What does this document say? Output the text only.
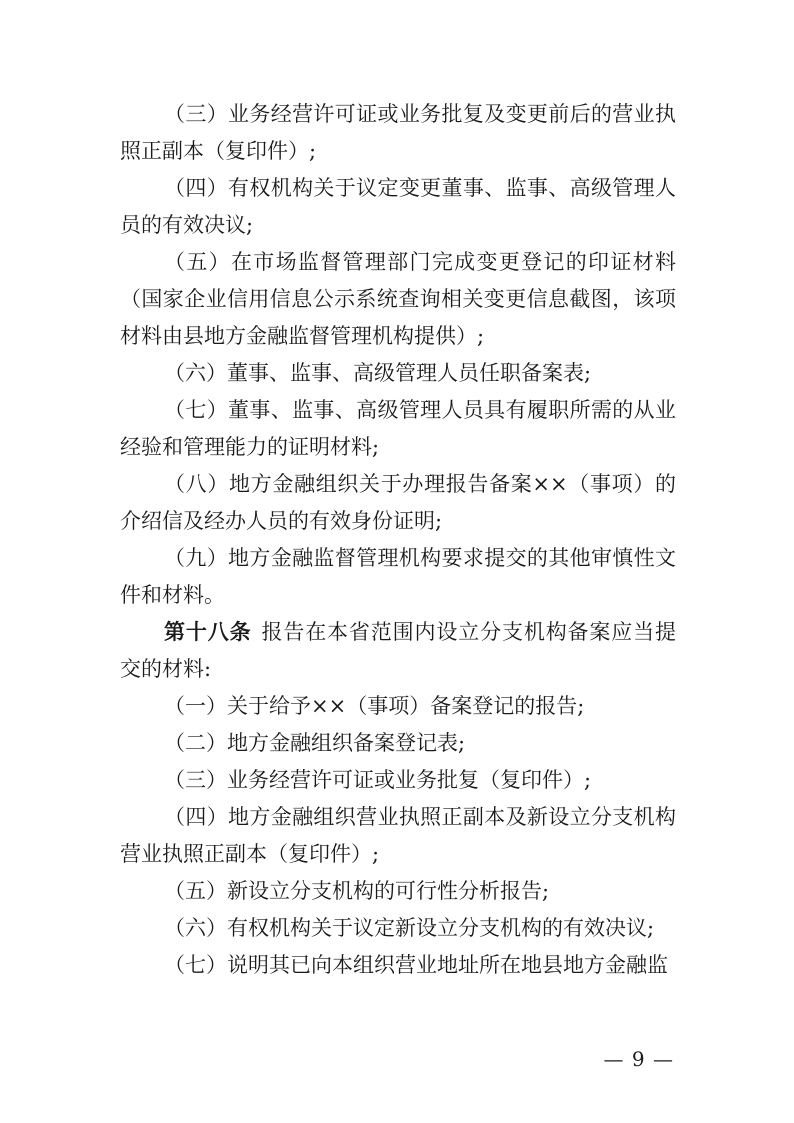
（三）业务经营许可证或业务批复及变更前后的营业执照正副本（复印件）;

（四）有权机构关于议定变更董事、监事、高级管理人员的有效决议;

（五）在市场监督管理部门完成变更登记的印证材料（国家企业信用信息公示系统查询相关变更信息截图，该项材料由县地方金融监督管理机构提供）;

（六）董事、监事、高级管理人员任职备案表;

（七）董事、监事、高级管理人员具有履职所需的从业经验和管理能力的证明材料;

（八）地方金融组织关于办理报告备案××（事项）的介绍信及经办人员的有效身份证明;

（九）地方金融监督管理机构要求提交的其他审慎性文件和材料。

第十八条 报告在本省范围内设立分支机构备案应当提交的材料:

（一）关于给予××（事项）备案登记的报告;

（二）地方金融组织备案登记表;

（三）业务经营许可证或业务批复（复印件）;

（四）地方金融组织营业执照正副本及新设立分支机构营业执照正副本（复印件）;

（五）新设立分支机构的可行性分析报告;

（六）有权机构关于议定新设立分支机构的有效决议;

（七）说明其已向本组织营业地址所在地县地方金融监

— 9 —
